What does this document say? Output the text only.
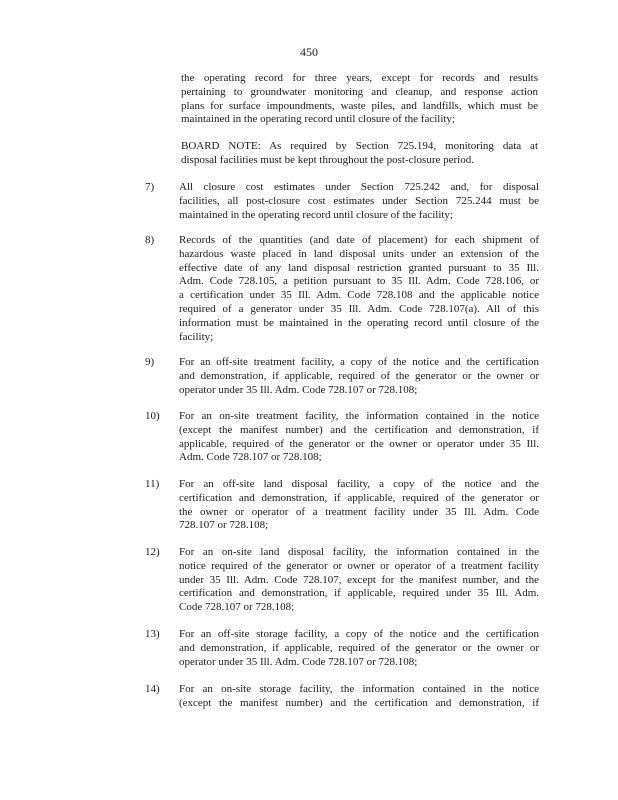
450
the operating record for three years, except for records and results
pertaining to groundwater monitoring and cleanup, and response action
plans for surface impoundments, waste piles, and landfills, which must be
maintained in the operating record until closure of the facility;
BOARD NOTE: As required by Section 725.194, monitoring data at
disposal facilities must be kept throughout the post-closure period.
7)	All closure cost estimates under Section 725.242 and, for disposal
facilities, all post-closure cost estimates under Section 725.244 must be
maintained in the operating record until closure of the facility;
8)	Records of the quantities (and date of placement) for each shipment of
hazardous waste placed in land disposal units under an extension of the
effective date of any land disposal restriction granted pursuant to 35 Ill.
Adm. Code 728.105, a petition pursuant to 35 Ill. Adm. Code 728.106, or
a certification under 35 Ill. Adm. Code 728.108 and the applicable notice
required of a generator under 35 Ill. Adm. Code 728.107(a). All of this
information must be maintained in the operating record until closure of the
facility;
9)	For an off-site treatment facility, a copy of the notice and the certification
and demonstration, if applicable, required of the generator or the owner or
operator under 35 Ill. Adm. Code 728.107 or 728.108;
10)	For an on-site treatment facility, the information contained in the notice
(except the manifest number) and the certification and demonstration, if
applicable, required of the generator or the owner or operator under 35 Ill.
Adm. Code 728.107 or 728.108;
11)	For an off-site land disposal facility, a copy of the notice and the
certification and demonstration, if applicable, required of the generator or
the owner or operator of a treatment facility under 35 Ill. Adm. Code
728.107 or 728.108;
12)	For an on-site land disposal facility, the information contained in the
notice required of the generator or owner or operator of a treatment facility
under 35 Ill. Adm. Code 728.107, except for the manifest number, and the
certification and demonstration, if applicable, required under 35 Ill. Adm.
Code 728.107 or 728.108;
13)	For an off-site storage facility, a copy of the notice and the certification
and demonstration, if applicable, required of the generator or the owner or
operator under 35 Ill. Adm. Code 728.107 or 728.108;
14)	For an on-site storage facility, the information contained in the notice
(except the manifest number) and the certification and demonstration, if
